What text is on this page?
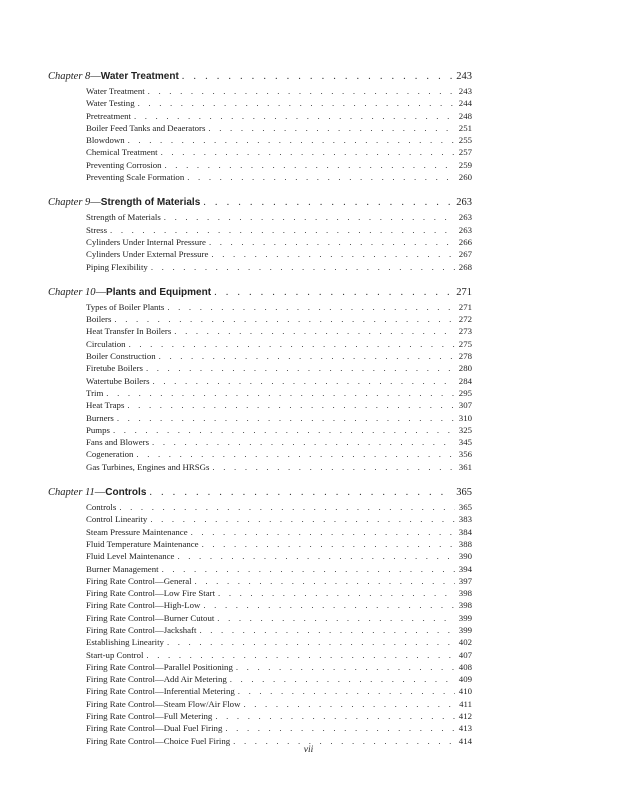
Chapter 8—Water Treatment . . .	243
Water Treatment . . .	243
Water Testing . . .	244
Pretreatment . . .	248
Boiler Feed Tanks and Deaerators . . .	251
Blowdown . . .	255
Chemical Treatment . . .	257
Preventing Corrosion . . .	259
Preventing Scale Formation . . .	260
Chapter 9—Strength of Materials . . .	263
Strength of Materials . . .	263
Stress . . .	263
Cylinders Under Internal Pressure . . .	266
Cylinders Under External Pressure . . .	267
Piping Flexibility . . .	268
Chapter 10—Plants and Equipment . . .	271
Types of Boiler Plants . . .	271
Boilers . . .	272
Heat Transfer In Boilers . . .	273
Circulation . . .	275
Boiler Construction . . .	278
Firetube Boilers . . .	280
Watertube Boilers . . .	284
Trim . . .	295
Heat Traps . . .	307
Burners . . .	310
Pumps . . .	325
Fans and Blowers . . .	345
Cogeneration . . .	356
Gas Turbines, Engines and HRSGs . . .	361
Chapter 11—Controls . . .	365
Controls . . .	365
Control Linearity . . .	383
Steam Pressure Maintenance . . .	384
Fluid Temperature Maintenance . . .	388
Fluid Level Maintenance . . .	390
Burner Management . . .	394
Firing Rate Control—General . . .	397
Firing Rate Control—Low Fire Start . . .	398
Firing Rate Control—High-Low . . .	398
Firing Rate Control—Burner Cutout . . .	399
Firing Rate Control—Jackshaft . . .	399
Establishing Linearity . . .	402
Start-up Control . . .	407
Firing Rate Control—Parallel Positioning . . .	408
Firing Rate Control—Add Air Metering . . .	409
Firing Rate Control—Inferential Metering . . .	410
Firing Rate Control—Steam Flow/Air Flow . . .	411
Firing Rate Control—Full Metering . . .	412
Firing Rate Control—Dual Fuel Firing . . .	413
Firing Rate Control—Choice Fuel Firing . . .	414
vii
